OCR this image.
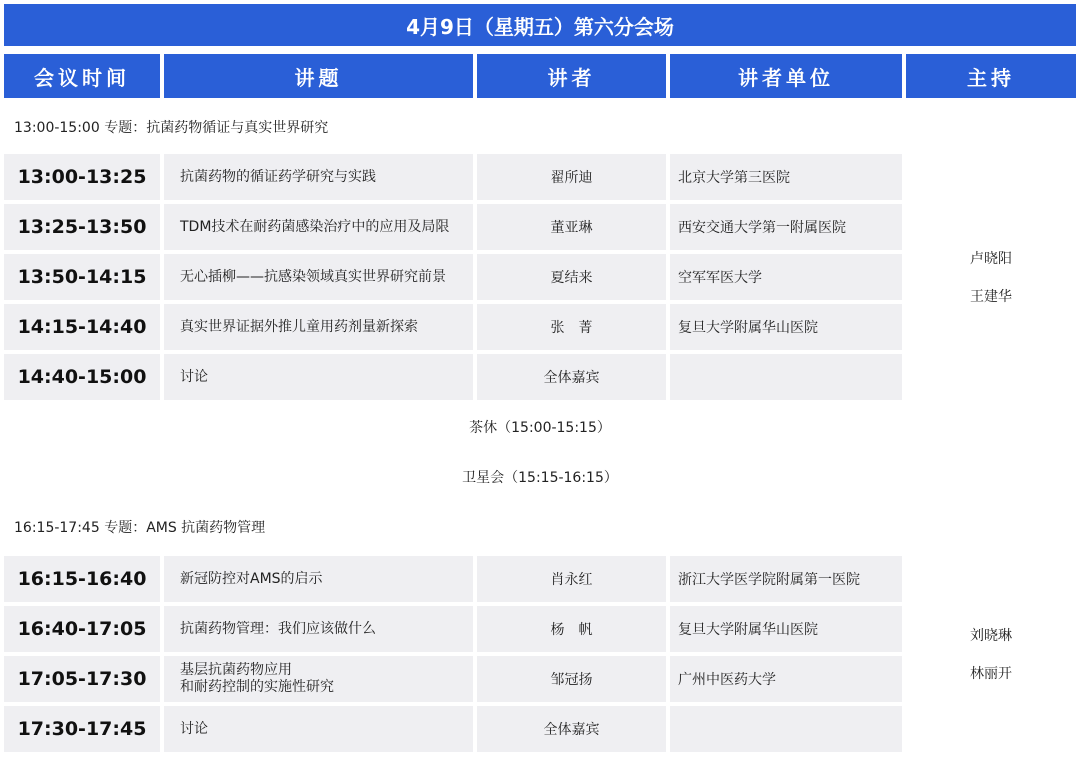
4月9日（星期五）第六分会场
会议时间	讲题	讲者	讲者单位	主持
13:00-15:00 专题：抗菌药物循证与真实世界研究
13:00-13:25	抗菌药物的循证药学研究与实践	翟所迪	北京大学第三医院
13:25-13:50	TDM技术在耐药菌感染治疗中的应用及局限	董亚琳	西安交通大学第一附属医院
13:50-14:15	无心插柳——抗感染领域真实世界研究前景	夏结来	空军军医大学
14:15-14:40	真实世界证据外推儿童用药剂量新探索	张　菁	复旦大学附属华山医院
14:40-15:00	讨论	全体嘉宾
卢晓阳
王建华
茶休（15:00-15:15）
卫星会（15:15-16:15）
16:15-17:45 专题：AMS 抗菌药物管理
16:15-16:40	新冠防控对AMS的启示	肖永红	浙江大学医学院附属第一医院
16:40-17:05	抗菌药物管理：我们应该做什么	杨　帆	复旦大学附属华山医院
17:05-17:30	基层抗菌药物应用
和耐药控制的实施性研究	邹冠扬	广州中医药大学
17:30-17:45	讨论	全体嘉宾
刘晓琳
林丽开
